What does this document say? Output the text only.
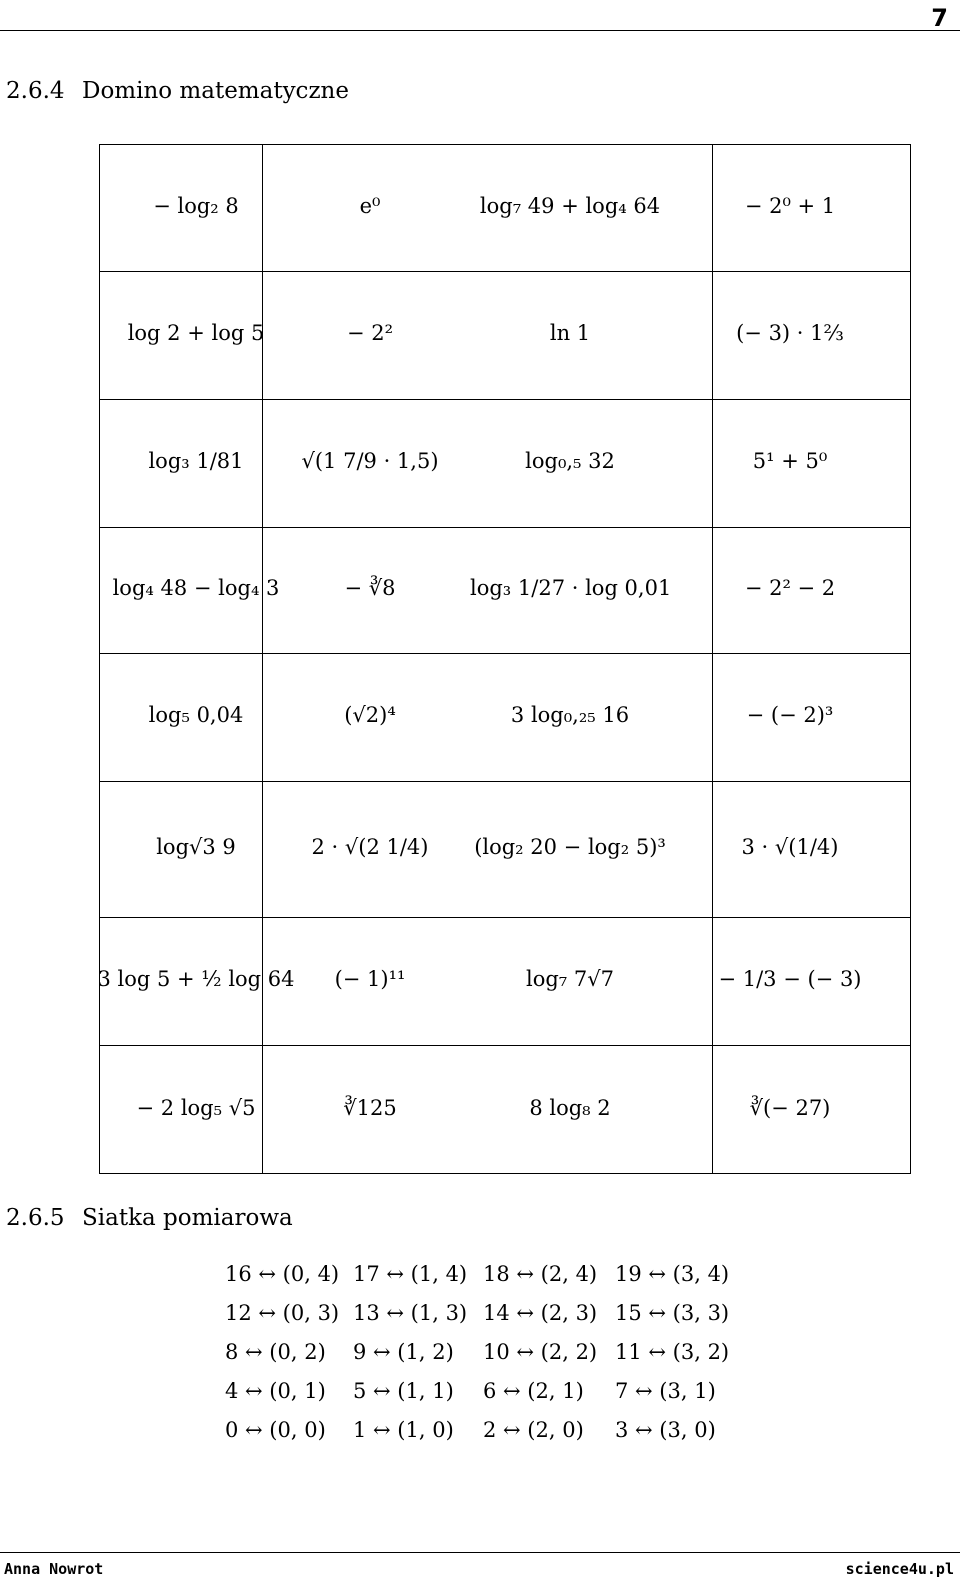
7
2.6.4 Domino matematyczne
− log₂ 8	e⁰	log₇ 49 + log₄ 64	− 2⁰ + 1
log 2 + log 5	− 2²	ln 1	(− 3) · 1⅔
log₃ 1/81	√(1 7/9 · 1,5)	log₀,₅ 32	5¹ + 5⁰
log₄ 48 − log₄ 3	− ∛8	log₃ 1/27 · log 0,01	− 2² − 2
log₅ 0,04	(√2)⁴	3 log₀,₂₅ 16	− (− 2)³
log√3 9	2 · √(2 1/4)	(log₂ 20 − log₂ 5)³	3 · √(1/4)
3 log 5 + ½ log 64	(− 1)¹¹	log₇ 7√7	− 1/3 − (− 3)
− 2 log₅ √5	∛125	8 log₈ 2	∛(− 27)
2.6.5 Siatka pomiarowa
16 ↔ (0, 4) 17 ↔ (1, 4) 18 ↔ (2, 4) 19 ↔ (3, 4)
12 ↔ (0, 3) 13 ↔ (1, 3) 14 ↔ (2, 3) 15 ↔ (3, 3)
8 ↔ (0, 2) 9 ↔ (1, 2) 10 ↔ (2, 2) 11 ↔ (3, 2)
4 ↔ (0, 1) 5 ↔ (1, 1) 6 ↔ (2, 1) 7 ↔ (3, 1)
0 ↔ (0, 0) 1 ↔ (1, 0) 2 ↔ (2, 0) 3 ↔ (3, 0)
Anna Nowrot	science4u.pl
